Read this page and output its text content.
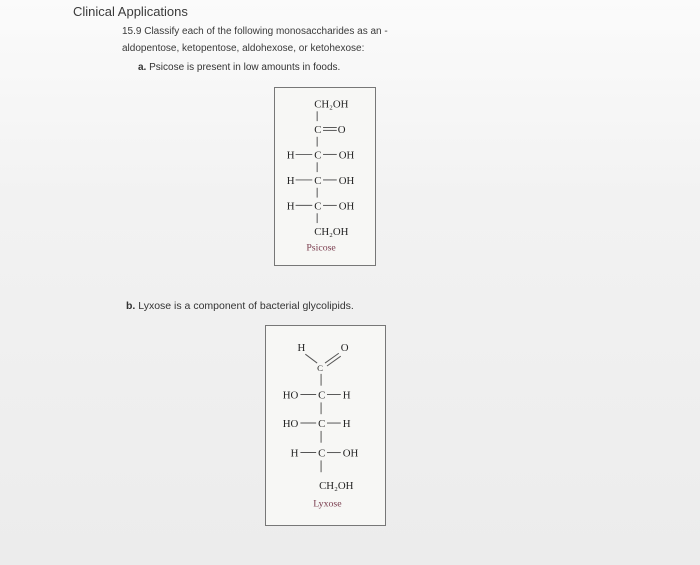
Clinical Applications
15.9 Classify each of the following monosaccharides as an -
aldopentose, ketopentose, aldohexose, or ketohexose:
a. Psicose is present in low amounts in foods.
CH₂OH
C O
H C OH
H C OH
H C OH
CH₂OH
Psicose
b. Lyxose is a component of bacterial glycolipids.
H
C
O
HO C H
HO C H
H C OH
CH₂OH
Lyxose
